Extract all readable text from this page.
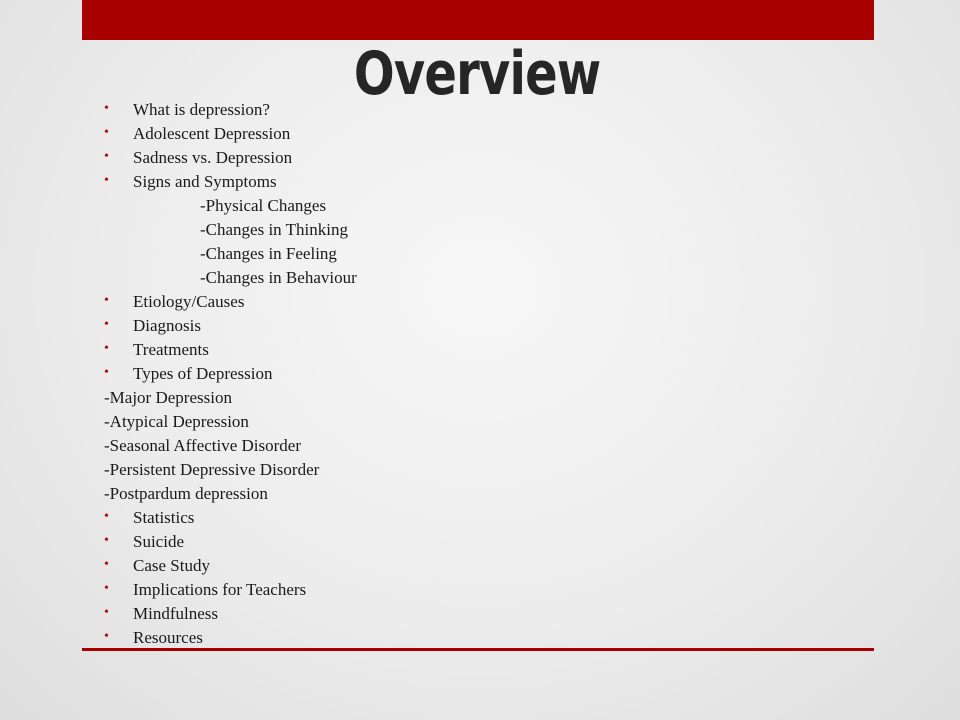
Overview
• What is depression?
• Adolescent Depression
• Sadness vs. Depression
• Signs and Symptoms
-Physical Changes
-Changes in Thinking
-Changes in Feeling
-Changes in Behaviour
• Etiology/Causes
• Diagnosis
• Treatments
• Types of Depression
-Major Depression
-Atypical Depression
-Seasonal Affective Disorder
-Persistent Depressive Disorder
-Postpardum depression
• Statistics
• Suicide
• Case Study
• Implications for Teachers
• Mindfulness
• Resources
